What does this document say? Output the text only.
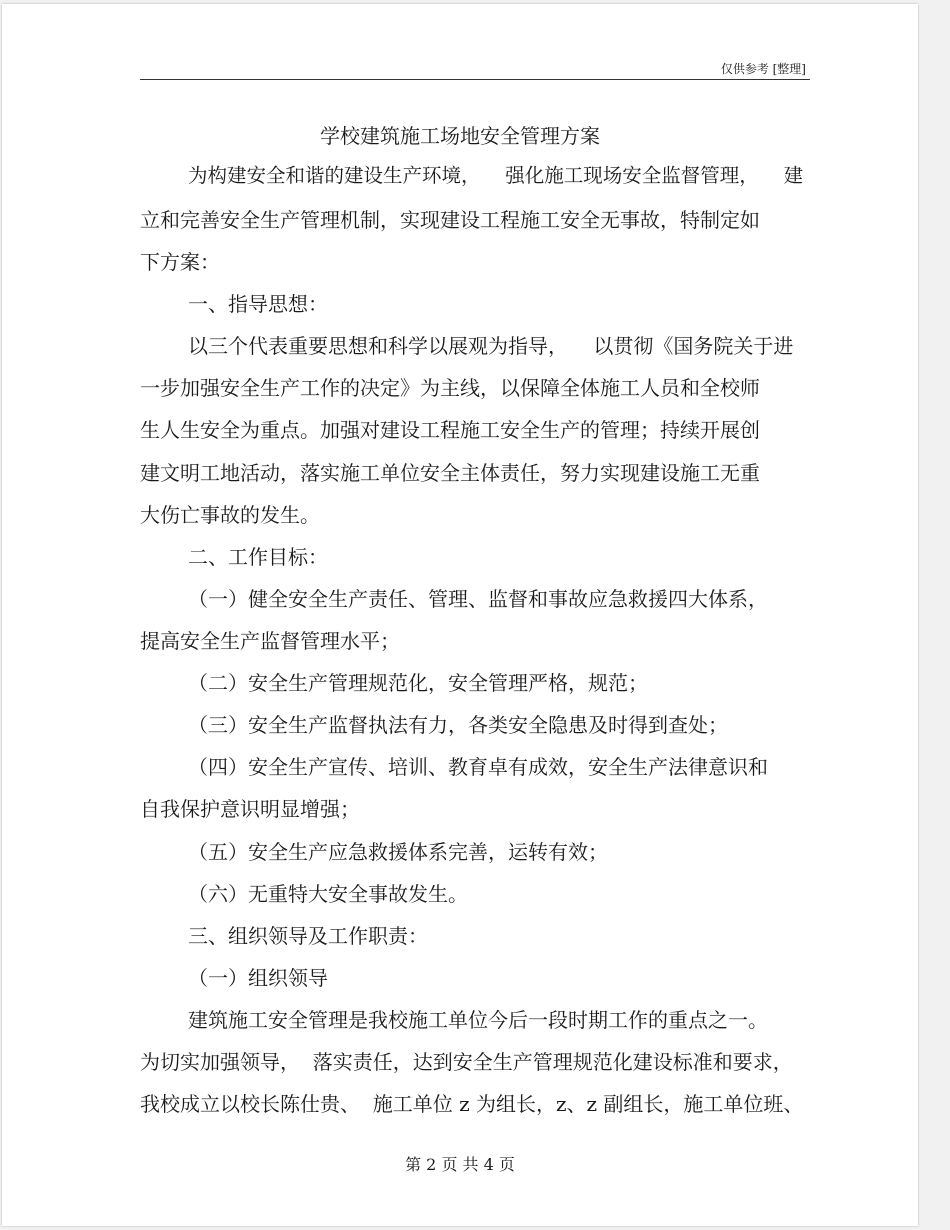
仅供参考 [整理]
学校建筑施工场地安全管理方案
为构建安全和谐的建设生产环境，    强化施工现场安全监督管理，    建
立和完善安全生产管理机制，实现建设工程施工安全无事故，特制定如
下方案：
一、指导思想：
以三个代表重要思想和科学以展观为指导，    以贯彻《国务院关于进
一步加强安全生产工作的决定》为主线，以保障全体施工人员和全校师
生人生安全为重点。加强对建设工程施工安全生产的管理；持续开展创
建文明工地活动，落实施工单位安全主体责任，努力实现建设施工无重
大伤亡事故的发生。
二、工作目标：
（一）健全安全生产责任、管理、监督和事故应急救援四大体系，
提高安全生产监督管理水平；
（二）安全生产管理规范化，安全管理严格，规范；
（三）安全生产监督执法有力，各类安全隐患及时得到查处；
（四）安全生产宣传、培训、教育卓有成效，安全生产法律意识和
自我保护意识明显增强；
（五）安全生产应急救援体系完善，运转有效；
（六）无重特大安全事故发生。
三、组织领导及工作职责：
（一）组织领导
建筑施工安全管理是我校施工单位今后一段时期工作的重点之一。
为切实加强领导，  落实责任，达到安全生产管理规范化建设标准和要求，
我校成立以校长陈仕贵、  施工单位 z 为组长，z、z 副组长，施工单位班、
第 2 页 共 4 页
